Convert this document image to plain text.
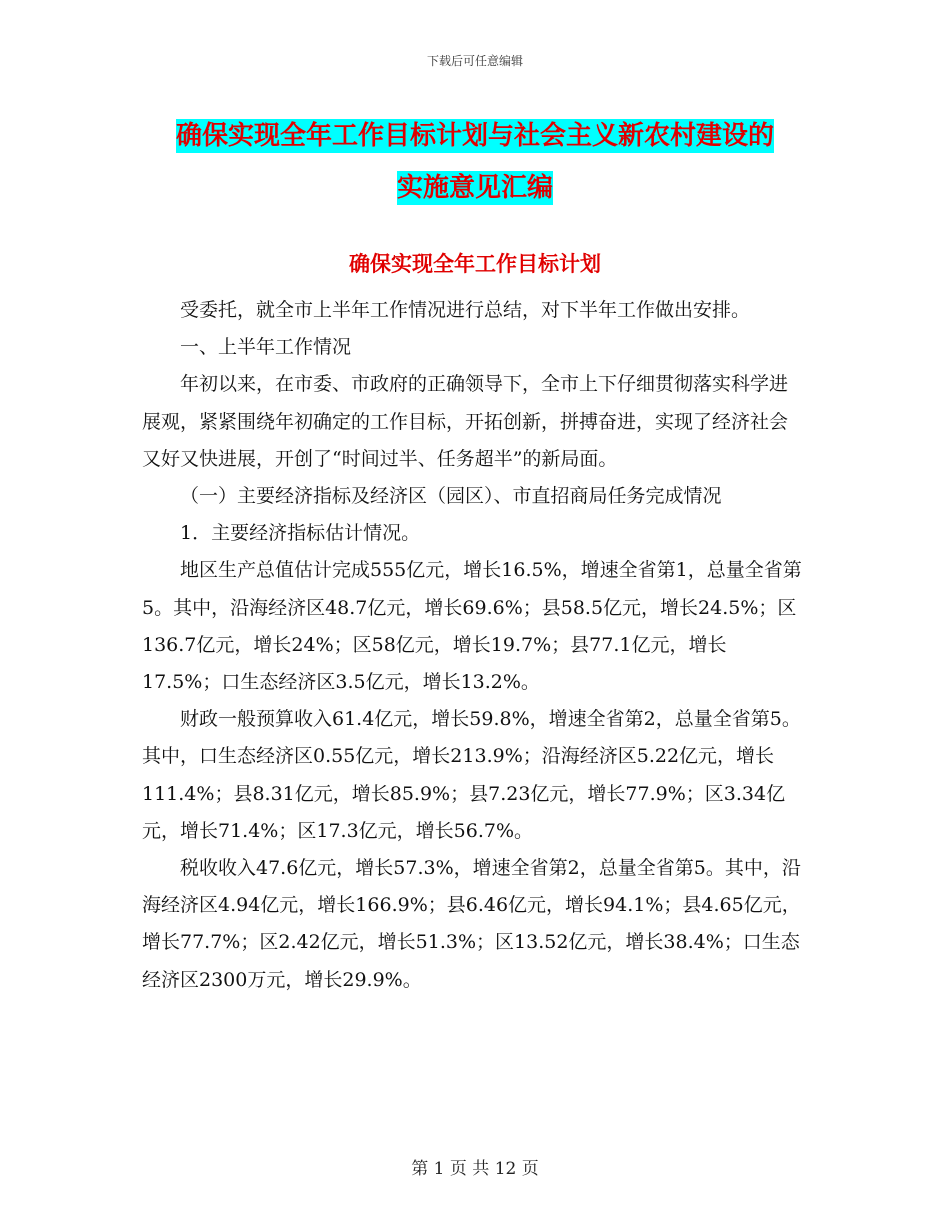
下载后可任意编辑
确保实现全年工作目标计划与社会主义新农村建设的
实施意见汇编
确保实现全年工作目标计划

受委托，就全市上半年工作情况进行总结，对下半年工作做出安排。

一、上半年工作情况

年初以来，在市委、市政府的正确领导下，全市上下仔细贯彻落实科学进展观，紧紧围绕年初确定的工作目标，开拓创新，拼搏奋进，实现了经济社会又好又快进展，开创了“时间过半、任务超半”的新局面。

（一）主要经济指标及经济区（园区）、市直招商局任务完成情况

1．主要经济指标估计情况。

地区生产总值估计完成555亿元，增长16.5%，增速全省第1，总量全省第5。其中，沿海经济区48.7亿元，增长69.6%；县58.5亿元，增长24.5%；区136.7亿元，增长24%；区58亿元，增长19.7%；县77.1亿元，增长17.5%；口生态经济区3.5亿元，增长13.2%。

财政一般预算收入61.4亿元，增长59.8%，增速全省第2，总量全省第5。其中，口生态经济区0.55亿元，增长213.9%；沿海经济区5.22亿元，增长111.4%；县8.31亿元，增长85.9%；县7.23亿元，增长77.9%；区3.34亿元，增长71.4%；区17.3亿元，增长56.7%。

税收收入47.6亿元，增长57.3%，增速全省第2，总量全省第5。其中，沿海经济区4.94亿元，增长166.9%；县6.46亿元，增长94.1%；县4.65亿元，增长77.7%；区2.42亿元，增长51.3%；区13.52亿元，增长38.4%；口生态经济区2300万元，增长29.9%。

第 1 页 共 12 页
